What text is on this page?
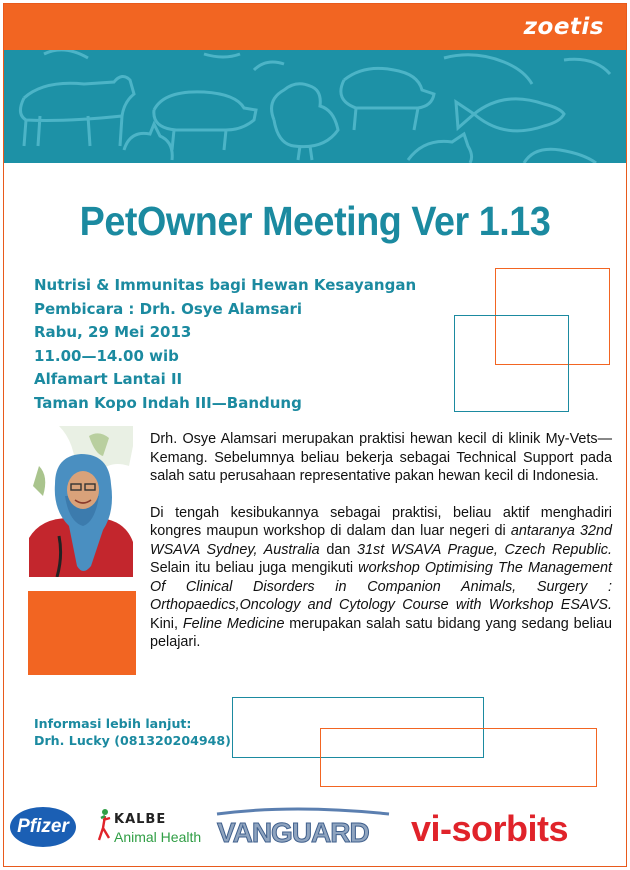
zoetis
PetOwner Meeting Ver 1.13
Nutrisi & Immunitas bagi Hewan Kesayangan
Pembicara : Drh. Osye Alamsari
Rabu, 29 Mei 2013
11.00—14.00 wib
Alfamart Lantai II
Taman Kopo Indah III—Bandung

Drh. Osye Alamsari merupakan praktisi hewan kecil di klinik My-Vets—Kemang. Sebelumnya beliau bekerja sebagai Technical Support pada salah satu perusahaan representative pakan hewan kecil di Indonesia.

Di tengah kesibukannya sebagai praktisi, beliau aktif menghadiri kongres maupun workshop di dalam dan luar negeri di antaranya 32nd WSAVA Sydney, Australia dan 31st WSAVA Prague, Czech Republic. Selain itu beliau juga mengikuti workshop Optimising The Management Of Clinical Disorders in Companion Animals, Surgery : Orthopaedics,Oncology and Cytology Course with Workshop ESAVS. Kini, Feline Medicine merupakan salah satu bidang yang sedang beliau pelajari.

Informasi lebih lanjut:
Drh. Lucky (081320204948)
Pfizer	KALBE
Animal Health VANGUARD vi-sorbits
